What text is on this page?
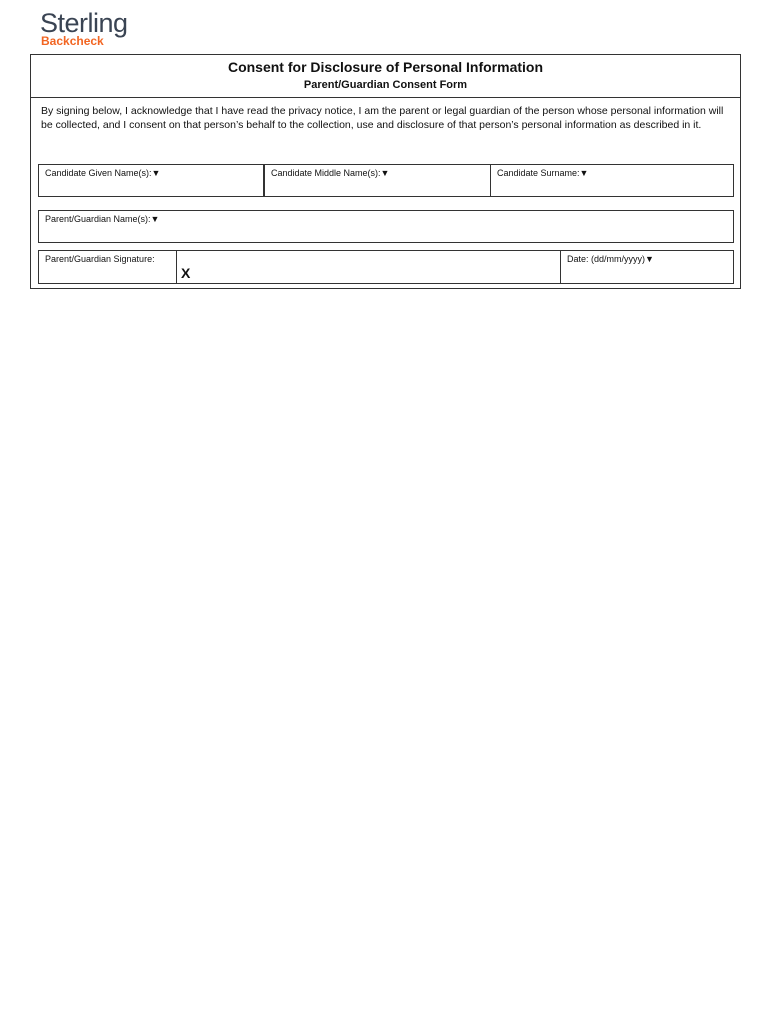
Sterling
Backcheck
Consent for Disclosure of Personal Information
Parent/Guardian Consent Form
By signing below, I acknowledge that I have read the privacy notice, I am the parent or legal guardian of the person whose personal information will be collected, and I consent on that person’s behalf to the collection, use and disclosure of that person’s personal information as described in it.
Candidate Given Name(s):▼	Candidate Middle Name(s):▼	Candidate Surname:▼
Parent/Guardian Name(s):▼
Parent/Guardian Signature:
X
Date: (dd/mm/yyyy)▼
